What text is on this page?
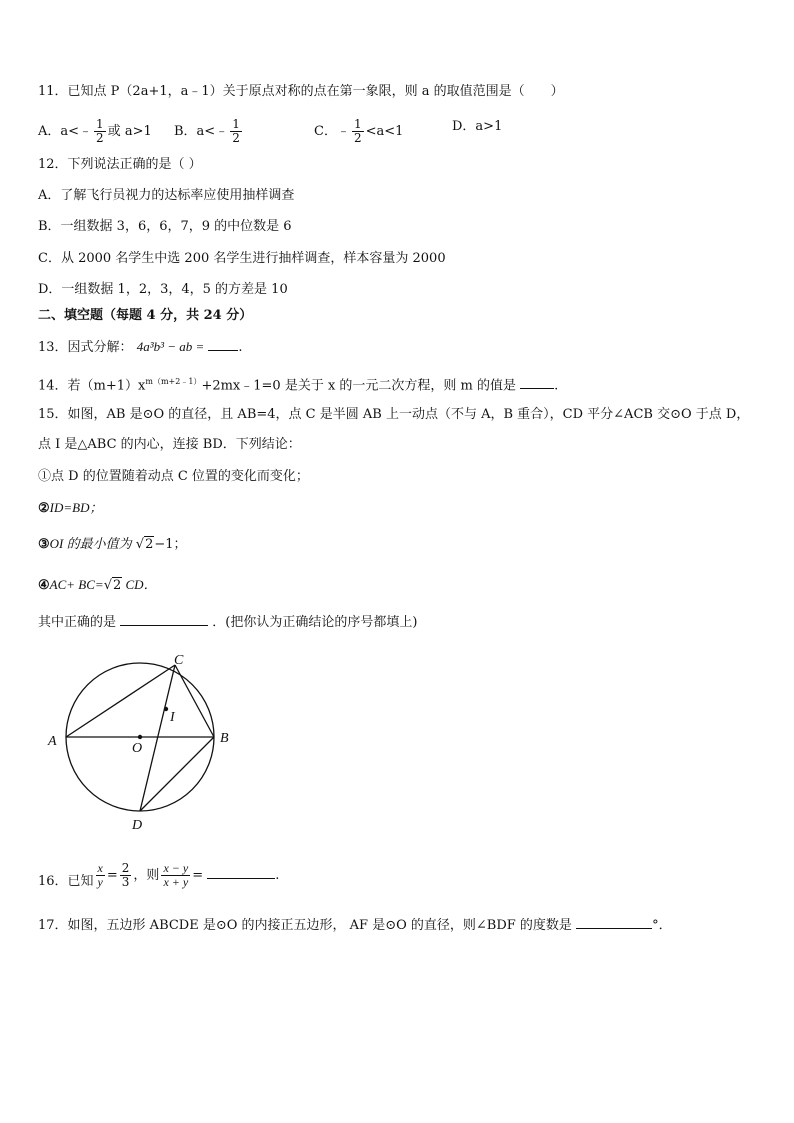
11．已知点 P（2a+1，a﹣1）关于原点对称的点在第一象限，则 a 的取值范围是（　　）
A．a<﹣ $\frac{1}{2}$ 或 a>1 B．a<﹣ $\frac{1}{2}$	C．﹣ $\frac{1}{2} <a<1$	D．a>1
12．下列说法正确的是（ ）
A．了解飞行员视力的达标率应使用抽样调查
B．一组数据 3，6，6，7，9 的中位数是 6
C．从 2000 名学生中选 200 名学生进行抽样调查，样本容量为 2000
D．一组数据 1，2，3，4，5 的方差是 10
二、填空题（每题 4 分，共 24 分）
13．因式分解： 4a³b³ − ab =	.
14．若$(m+1)x^{m(m+2﹣1)}+2mx﹣1=0$ 是关于 x 的一元二次方程，则 m 的值是	.
15．如图，AB 是⊙O 的直径，且 AB=4，点 C 是半圆 AB 上一动点（不与 A，B 重合），CD 平分∠ACB 交⊙O 于点 D，
点 I 是△ABC 的内心，连接 BD．下列结论：
①点 D 的位置随着动点 C 位置的变化而变化；
②ID=BD；
③OI 的最小值为 √2−1；
④AC+ BC=√2 CD．
其中正确的是	．(把你认为正确结论的序号都填上)
A	B
C
D
O
I
16．已知 $\frac{x}{y} = \frac{2}{3}$ ，则 $\frac{x - y}{x + y}$ =	.
17．如图，五边形 ABCDE 是⊙O 的内接正五边形， AF 是⊙O 的直径，则∠BDF 的度数是	°．
